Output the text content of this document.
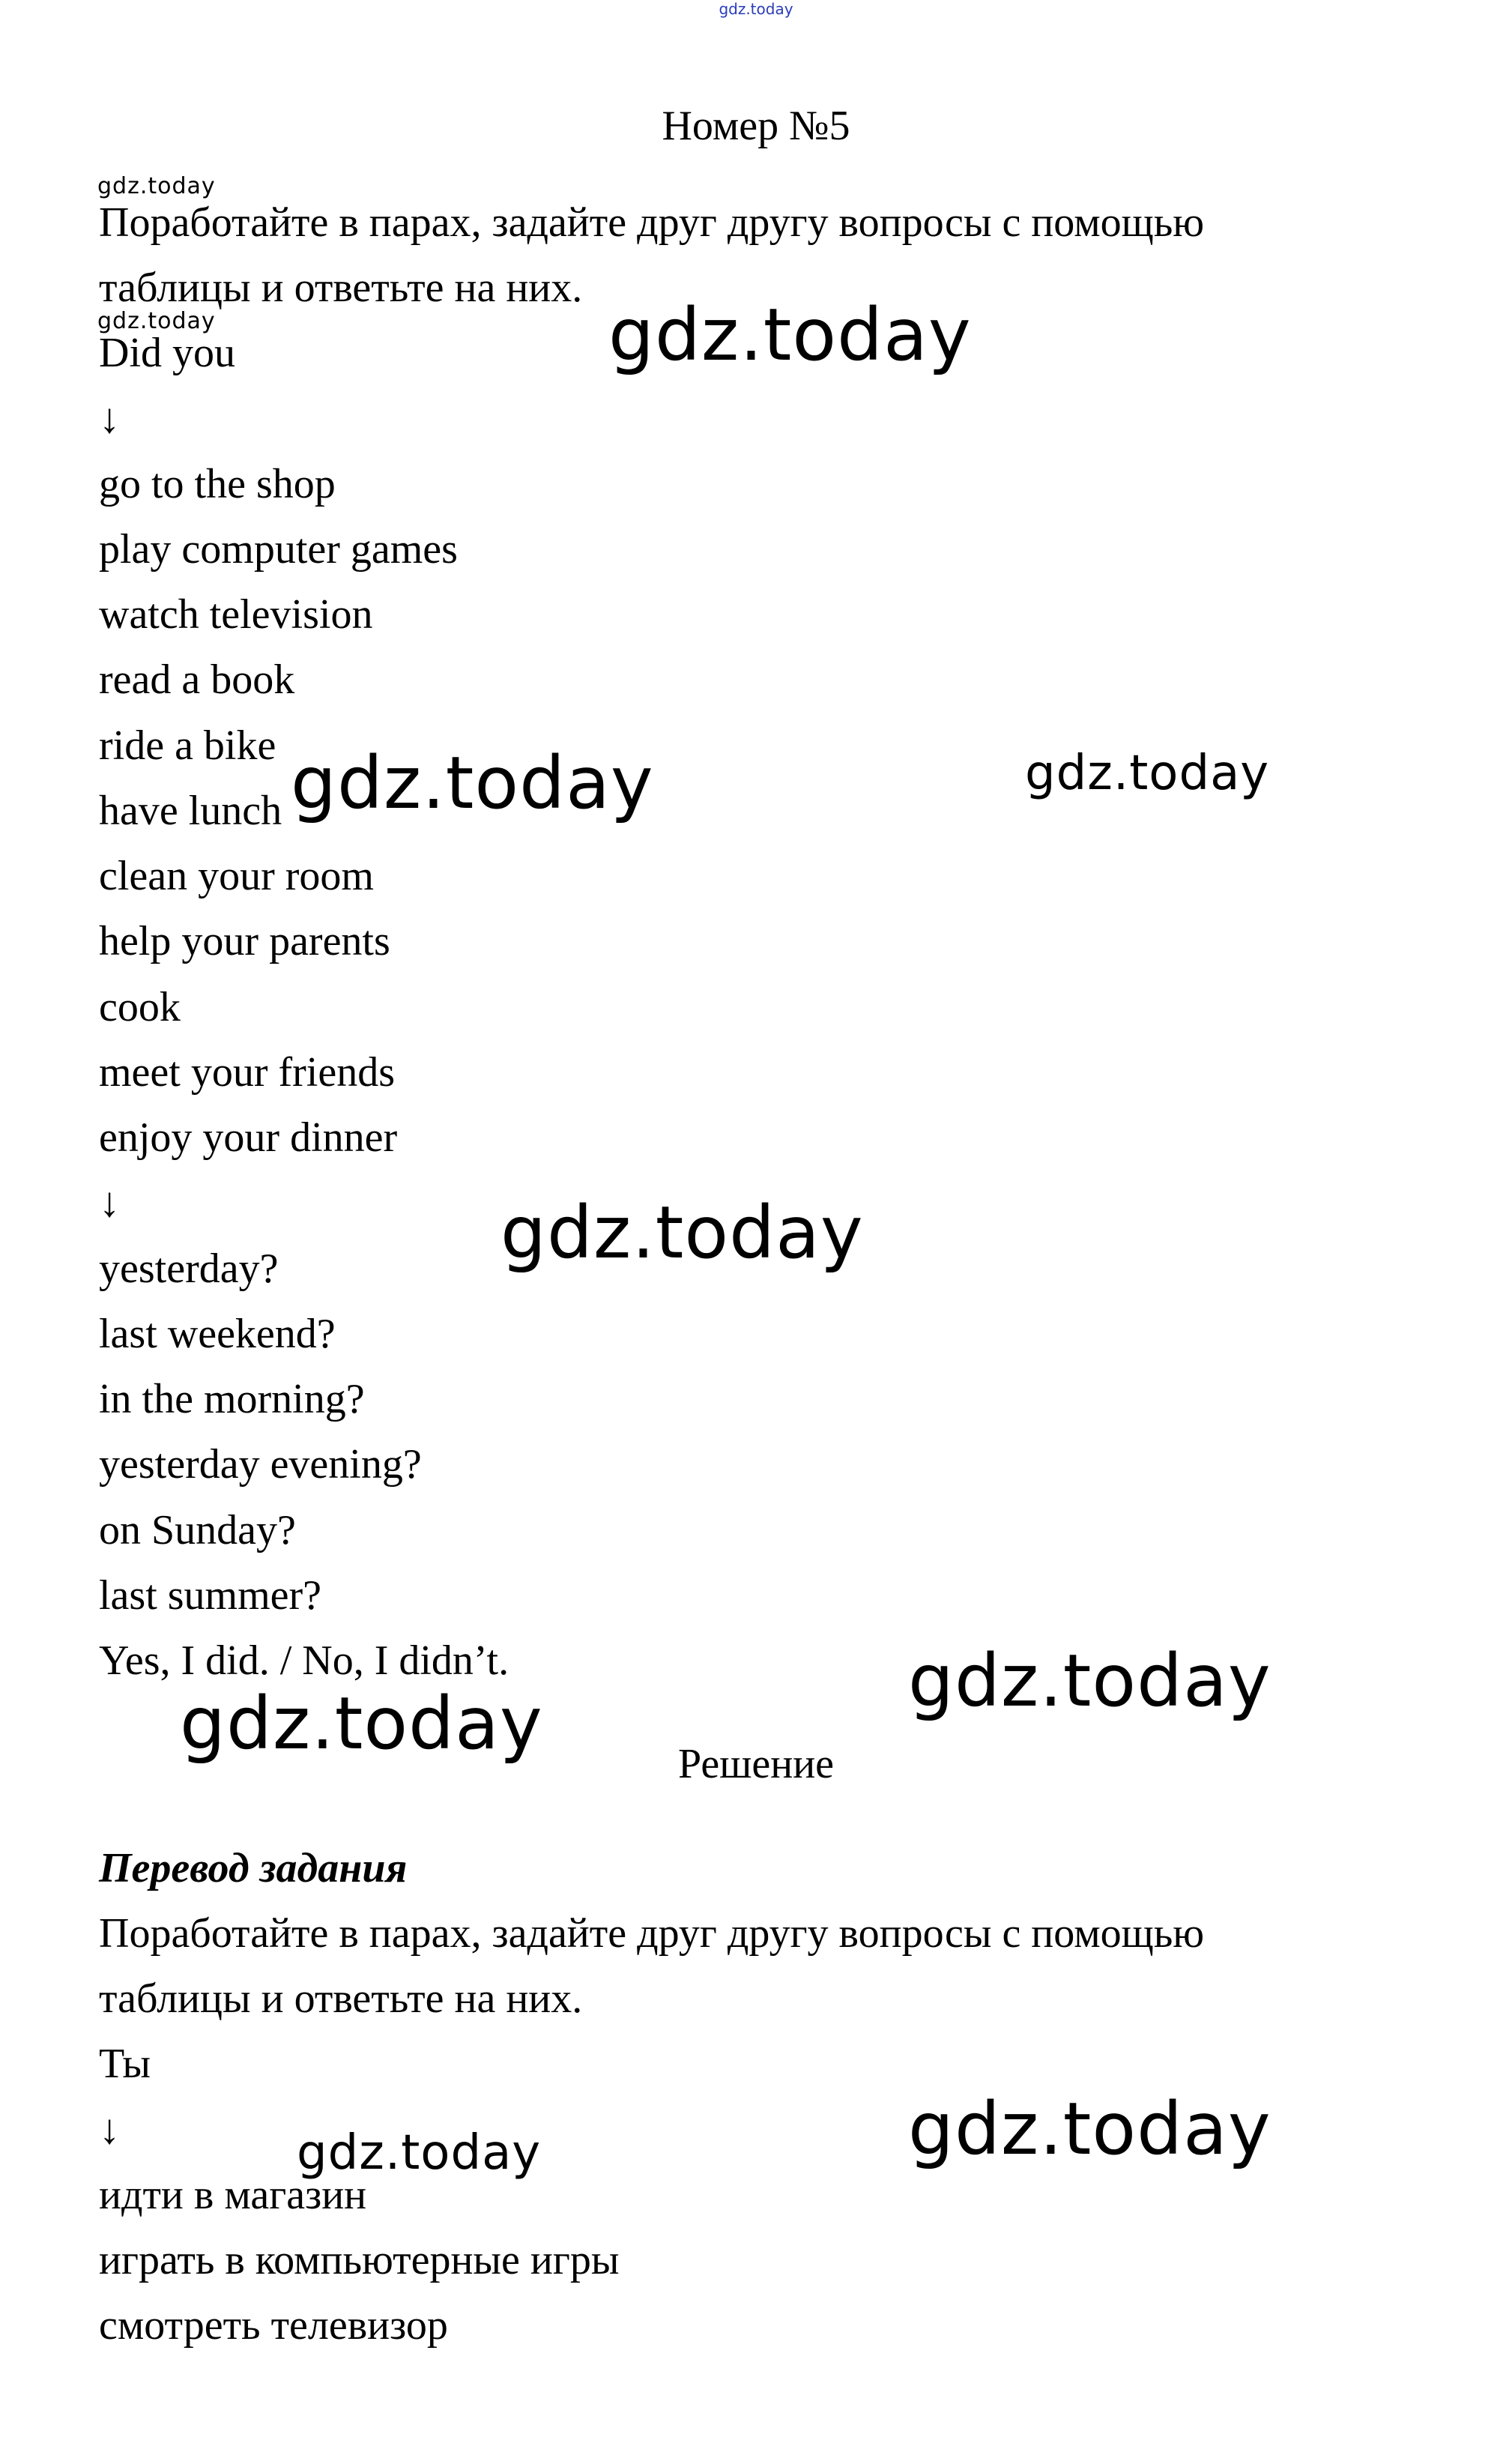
gdz.today
Номер №5
gdz.today
Поработайте в парах, задайте друг другу вопросы с помощью
таблицы и ответьте на них.
gdz.today	gdz.today
Did you
↓
go to the shop
play computer games
watch television
read a book
ride a bike
have lunch
clean your room
help your parents
cook
meet your friends
enjoy your dinner
gdz.today	gdz.today
↓	gdz.today
yesterday?
last weekend?
in the morning?
yesterday evening?
on Sunday?
last summer?
Yes, I did. / No, I didn’t.	gdz.today
gdz.today	Решение
Перевод задания
Поработайте в парах, задайте друг другу вопросы с помощью
таблицы и ответьте на них.
Ты
↓	gdz.today
gdz.today
идти в магазин
играть в компьютерные игры
смотреть телевизор
